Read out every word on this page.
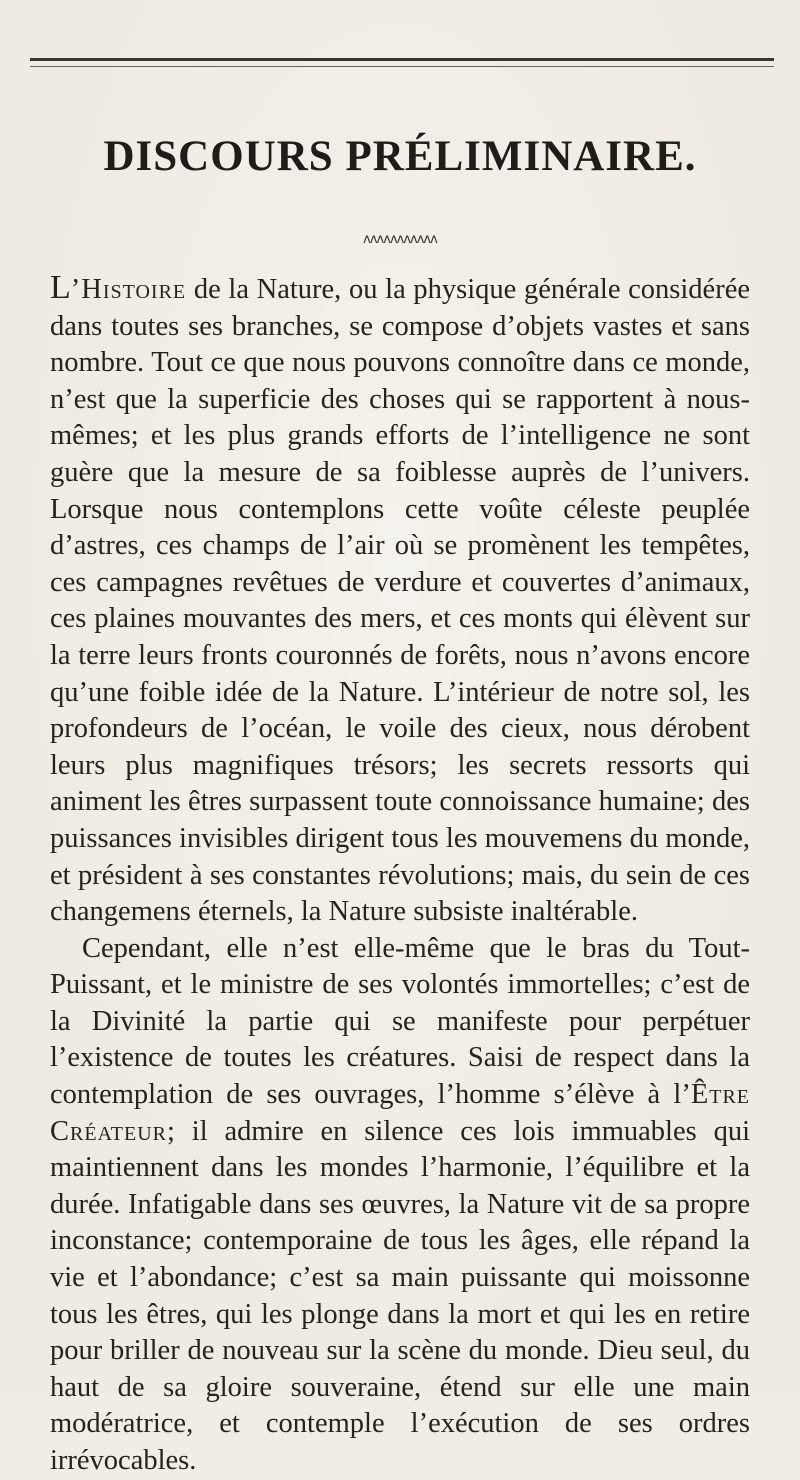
DISCOURS PRÉLIMINAIRE.
ʌʌʌʌʌʌʌʌʌʌʌ

L’Histoire de la Nature, ou la physique générale considérée dans toutes ses branches, se compose d’objets vastes et sans nombre. Tout ce que nous pouvons connoître dans ce monde, n’est que la superficie des choses qui se rapportent à nous-mêmes; et les plus grands efforts de l’intelligence ne sont guère que la mesure de sa foiblesse auprès de l’univers. Lorsque nous contemplons cette voûte céleste peuplée d’astres, ces champs de l’air où se promènent les tempêtes, ces campagnes revêtues de verdure et couvertes d’animaux, ces plaines mouvantes des mers, et ces monts qui élèvent sur la terre leurs fronts couronnés de forêts, nous n’avons encore qu’une foible idée de la Nature. L’intérieur de notre sol, les profondeurs de l’océan, le voile des cieux, nous dérobent leurs plus magnifiques trésors; les secrets ressorts qui animent les êtres surpassent toute connoissance humaine; des puissances invisibles dirigent tous les mouvemens du monde, et président à ses constantes révolutions; mais, du sein de ces changemens éternels, la Nature subsiste inaltérable.

Cependant, elle n’est elle-même que le bras du Tout-Puissant, et le ministre de ses volontés immortelles; c’est de la Divinité la partie qui se manifeste pour perpétuer l’existence de toutes les créatures. Saisi de respect dans la contemplation de ses ouvrages, l’homme s’élève à l’Être Créateur; il admire en silence ces lois immuables qui maintiennent dans les mondes l’harmonie, l’équilibre et la durée. Infatigable dans ses œuvres, la Nature vit de sa propre inconstance; contemporaine de tous les âges, elle répand la vie et l’abondance; c’est sa main puissante qui moissonne tous les êtres, qui les plonge dans la mort et qui les en retire pour briller de nouveau sur la scène du monde. Dieu seul, du haut de sa gloire souveraine, étend sur elle une main modératrice, et contemple l’exécution de ses ordres irrévocables.
